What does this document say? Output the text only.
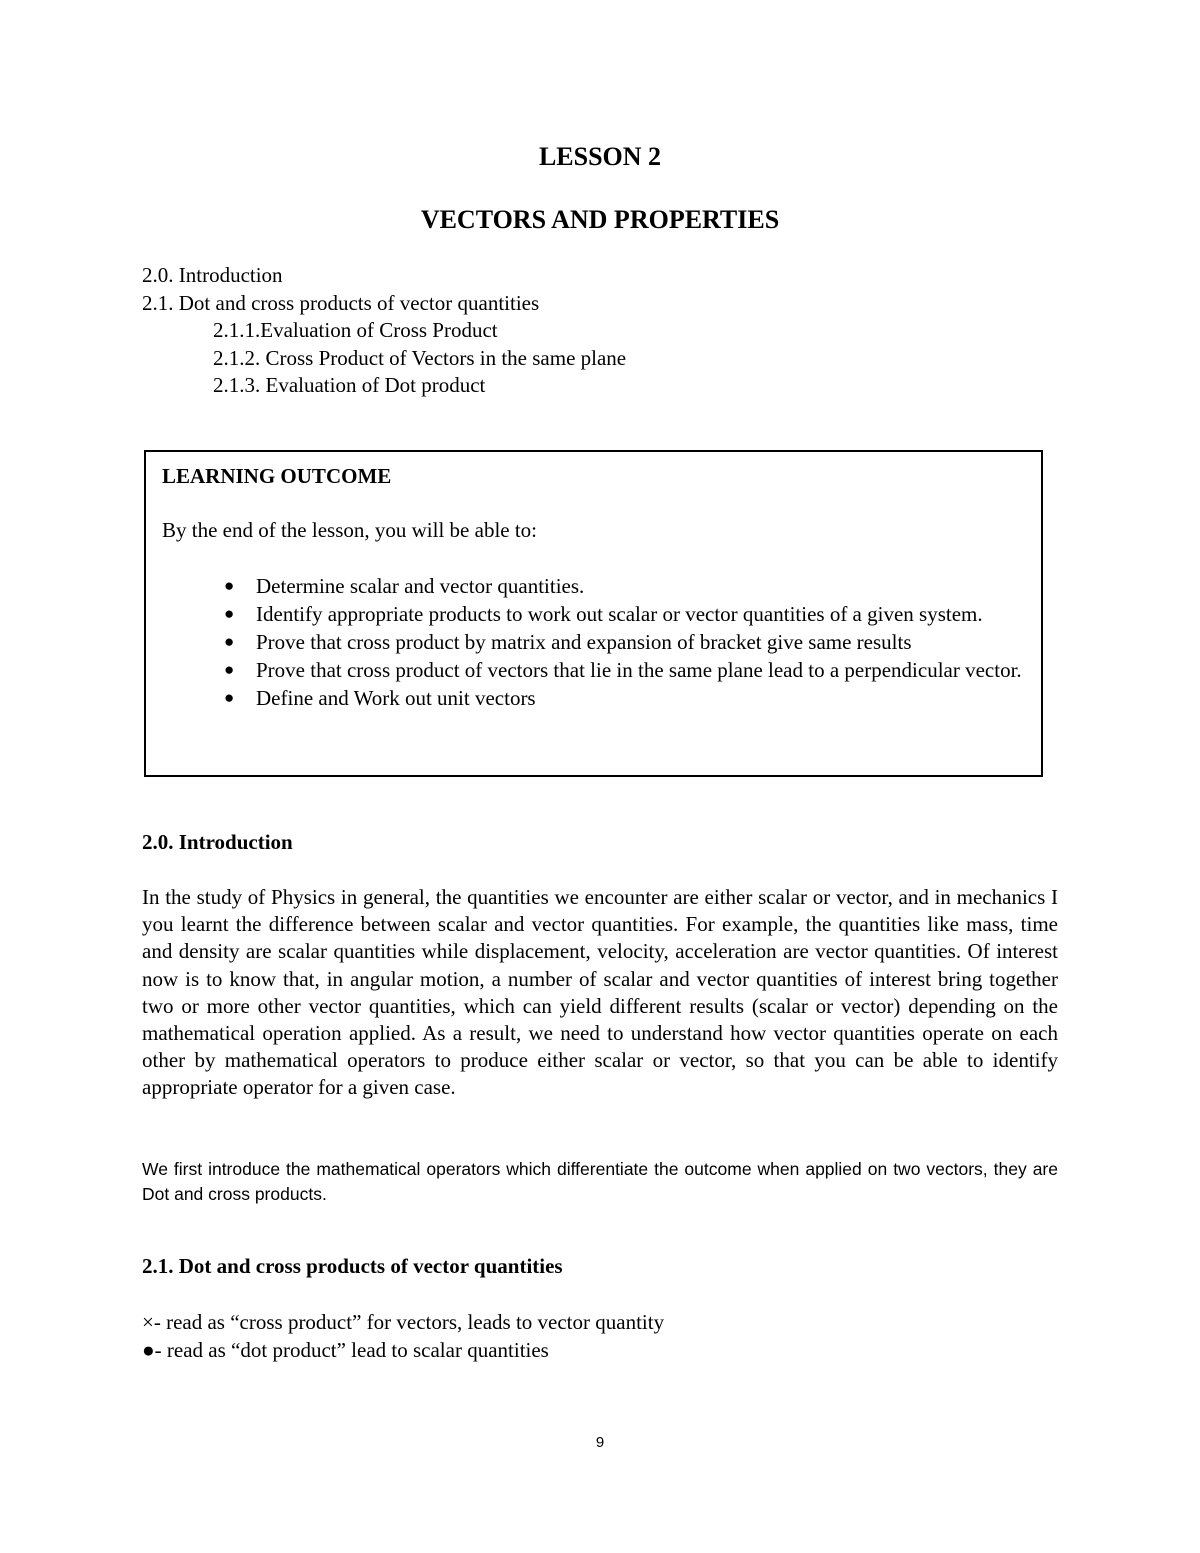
LESSON 2
VECTORS AND PROPERTIES
2.0. Introduction
2.1. Dot and cross products of vector quantities
2.1.1.Evaluation of Cross Product
2.1.2. Cross Product of Vectors in the same plane
2.1.3. Evaluation of Dot product
LEARNING OUTCOME
By the end of the lesson, you will be able to:
● Determine scalar and vector quantities.
● Identify appropriate products to work out scalar or vector quantities of a given system.
● Prove that cross product by matrix and expansion of bracket give same results
● Prove that cross product of vectors that lie in the same plane lead to a perpendicular vector.
● Define and Work out unit vectors
2.0. Introduction
In the study of Physics in general, the quantities we encounter are either scalar or vector, and in mechanics I you learnt the difference between scalar and vector quantities. For example, the quantities like mass, time and density are scalar quantities while displacement, velocity, acceleration are vector quantities. Of interest now is to know that, in angular motion, a number of scalar and vector quantities of interest bring together two or more other vector quantities, which can yield different results (scalar or vector) depending on the mathematical operation applied. As a result, we need to understand how vector quantities operate on each other by mathematical operators to produce either scalar or vector, so that you can be able to identify appropriate operator for a given case.
We first introduce the mathematical operators which differentiate the outcome when applied on two vectors, they are Dot and cross products.
2.1. Dot and cross products of vector quantities
×- read as “cross product” for vectors, leads to vector quantity
●- read as “dot product” lead to scalar quantities
9
